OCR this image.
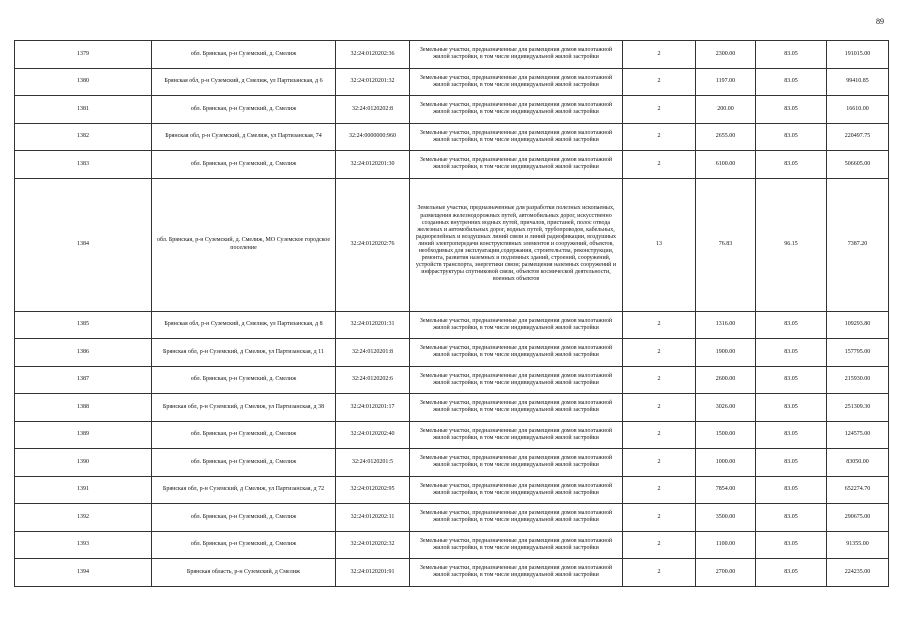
89
1379	обл. Брянская, р-н Суземский, д. Смелиж	32:24:0120202:36	Земельные участки, предназначенные для размещения домов малоэтажной жилой застройки, в том числе индивидуальной жилой застройки	2	2300.00	83.05	191015.00
1380	Брянская обл, р-н Суземский, д Смелиж, ул Партизанская, д 6	32:24:0120201:32	Земельные участки, предназначенные для размещения домов малоэтажной жилой застройки, в том числе индивидуальной жилой застройки	2	1197.00	83.05	99410.85
1381	обл. Брянская, р-н Суземский, д. Смелиж	32:24:0120202:8	Земельные участки, предназначенные для размещения домов малоэтажной жилой застройки, в том числе индивидуальной жилой застройки	2	200.00	83.05	16610.00
1382	Брянская обл, р-н Суземский, д Смелиж, ул Партизанская, 74	32:24:0000000:960	Земельные участки, предназначенные для размещения домов малоэтажной жилой застройки, в том числе индивидуальной жилой застройки	2	2655.00	83.05	220497.75
1383	обл. Брянская, р-н Суземский, д. Смелиж	32:24:0120201:30	Земельные участки, предназначенные для размещения домов малоэтажной жилой застройки, в том числе индивидуальной жилой застройки	2	6100.00	83.05	506605.00
1384	обл. Брянская, р-н Суземский, д. Смелиж, МО Суземское городское поселение	32:24:0120202:76	Земельные участки, предназначенные для разработки полезных ископаемых, размещения железнодорожных путей, автомобильных дорог, искусственно созданных внутренних водных путей, причалов, пристаней, полос отвода железных и автомобильных дорог, водных путей, трубопроводов, кабельных, радиорелейных и воздушных линий связи и линий радиофикации, воздушных линий электропередачи конструктивных элементов и сооружений, объектов, необходимых для эксплуатации,содержания, строительства, реконструкции, ремонта, развития наземных и подземных зданий, строений, сооружений, устройств транспорта, энергетики связи; размещения наземных сооружений и инфраструктуры спутниковой связи, объектов космической деятельности, военных объектов	13	76.83	96.15	7387.20
1385	Брянская обл, р-н Суземский, д Смелиж, ул Партизанская, д 8	32:24:0120201:31	Земельные участки, предназначенные для размещения домов малоэтажной жилой застройки, в том числе индивидуальной жилой застройки	2	1316.00	83.05	109293.80
1386	Брянская обл, р-н Суземский, д Смелиж, ул Партизанская, д 11	32:24:0120201:8	Земельные участки, предназначенные для размещения домов малоэтажной жилой застройки, в том числе индивидуальной жилой застройки	2	1900.00	83.05	157795.00
1387	обл. Брянская, р-н Суземский, д. Смелиж	32:24:0120202:6	Земельные участки, предназначенные для размещения домов малоэтажной жилой застройки, в том числе индивидуальной жилой застройки	2	2600.00	83.05	215930.00
1388	Брянская обл, р-н Суземский, д Смелиж, ул Партизанская, д 38	32:24:0120201:17	Земельные участки, предназначенные для размещения домов малоэтажной жилой застройки, в том числе индивидуальной жилой застройки	2	3026.00	83.05	251309.30
1389	обл. Брянская, р-н Суземский, д. Смелиж	32:24:0120202:40	Земельные участки, предназначенные для размещения домов малоэтажной жилой застройки, в том числе индивидуальной жилой застройки	2	1500.00	83.05	124575.00
1390	обл. Брянская, р-н Суземский, д. Смелиж	32:24:0120201:5	Земельные участки, предназначенные для размещения домов малоэтажной жилой застройки, в том числе индивидуальной жилой застройки	2	1000.00	83.05	83050.00
1391	Брянская обл, р-н Суземский, д Смелиж, ул Партизанская, д 72	32:24:0120202:95	Земельные участки, предназначенные для размещения домов малоэтажной жилой застройки, в том числе индивидуальной жилой застройки	2	7854.00	83.05	652274.70
1392	обл. Брянская, р-н Суземский, д. Смелиж	32:24:0120202:11	Земельные участки, предназначенные для размещения домов малоэтажной жилой застройки, в том числе индивидуальной жилой застройки	2	3500.00	83.05	290675.00
1393	обл. Брянская, р-н Суземский, д. Смелиж	32:24:0120202:32	Земельные участки, предназначенные для размещения домов малоэтажной жилой застройки, в том числе индивидуальной жилой застройки	2	1100.00	83.05	91355.00
1394	Брянская область, р-н Суземский, д Смелиж	32:24:0120201:91	Земельные участки, предназначенные для размещения домов малоэтажной жилой застройки, в том числе индивидуальной жилой застройки	2	2700.00	83.05	224235.00
